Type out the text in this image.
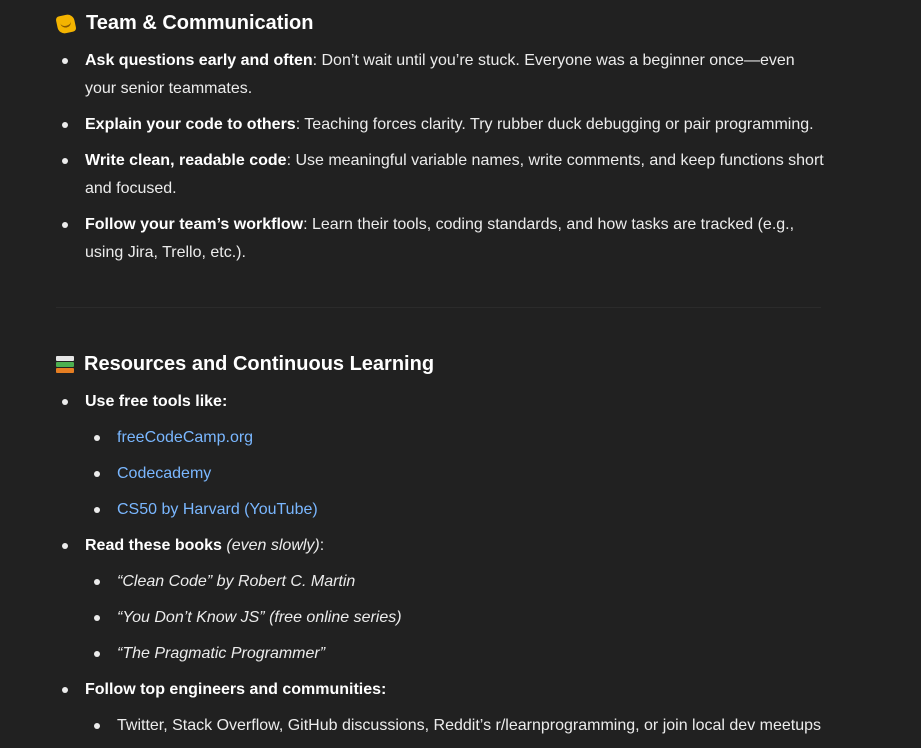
Team & Communication
Ask questions early and often: Don’t wait until you’re stuck. Everyone was a beginner once—even your senior teammates.
Explain your code to others: Teaching forces clarity. Try rubber duck debugging or pair programming.
Write clean, readable code: Use meaningful variable names, write comments, and keep functions short and focused.
Follow your team’s workflow: Learn their tools, coding standards, and how tasks are tracked (e.g., using Jira, Trello, etc.).
Resources and Continuous Learning
Use free tools like:
freeCodeCamp.org
Codecademy
CS50 by Harvard (YouTube)
Read these books (even slowly):
“Clean Code” by Robert C. Martin
“You Don’t Know JS” (free online series)
“The Pragmatic Programmer”
Follow top engineers and communities:
Twitter, Stack Overflow, GitHub discussions, Reddit’s r/learnprogramming, or join local dev meetups
